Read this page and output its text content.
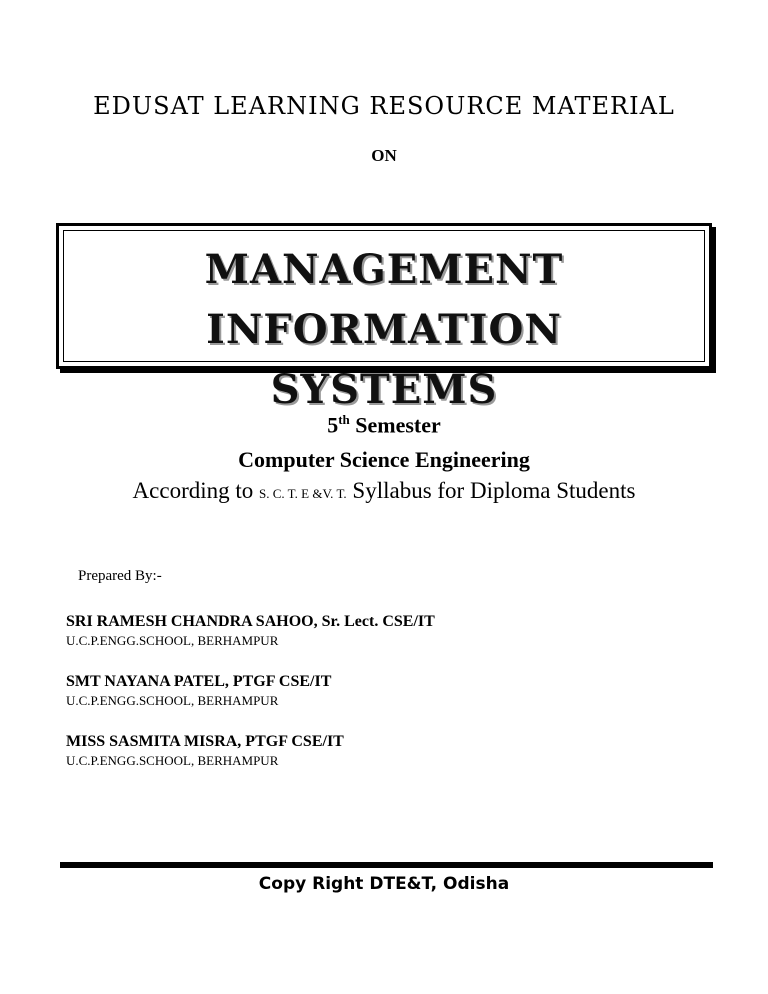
EDUSAT LEARNING RESOURCE MATERIAL
ON
MANAGEMENT INFORMATION
SYSTEMS
5th Semester
Computer Science Engineering
According to S. C. T. E &V. T. Syllabus for Diploma Students
Prepared By:-
SRI RAMESH CHANDRA SAHOO, Sr. Lect. CSE/IT
U.C.P.ENGG.SCHOOL, BERHAMPUR
SMT NAYANA PATEL, PTGF CSE/IT
U.C.P.ENGG.SCHOOL, BERHAMPUR
MISS SASMITA MISRA, PTGF CSE/IT
U.C.P.ENGG.SCHOOL, BERHAMPUR
Copy Right DTE&T, Odisha
